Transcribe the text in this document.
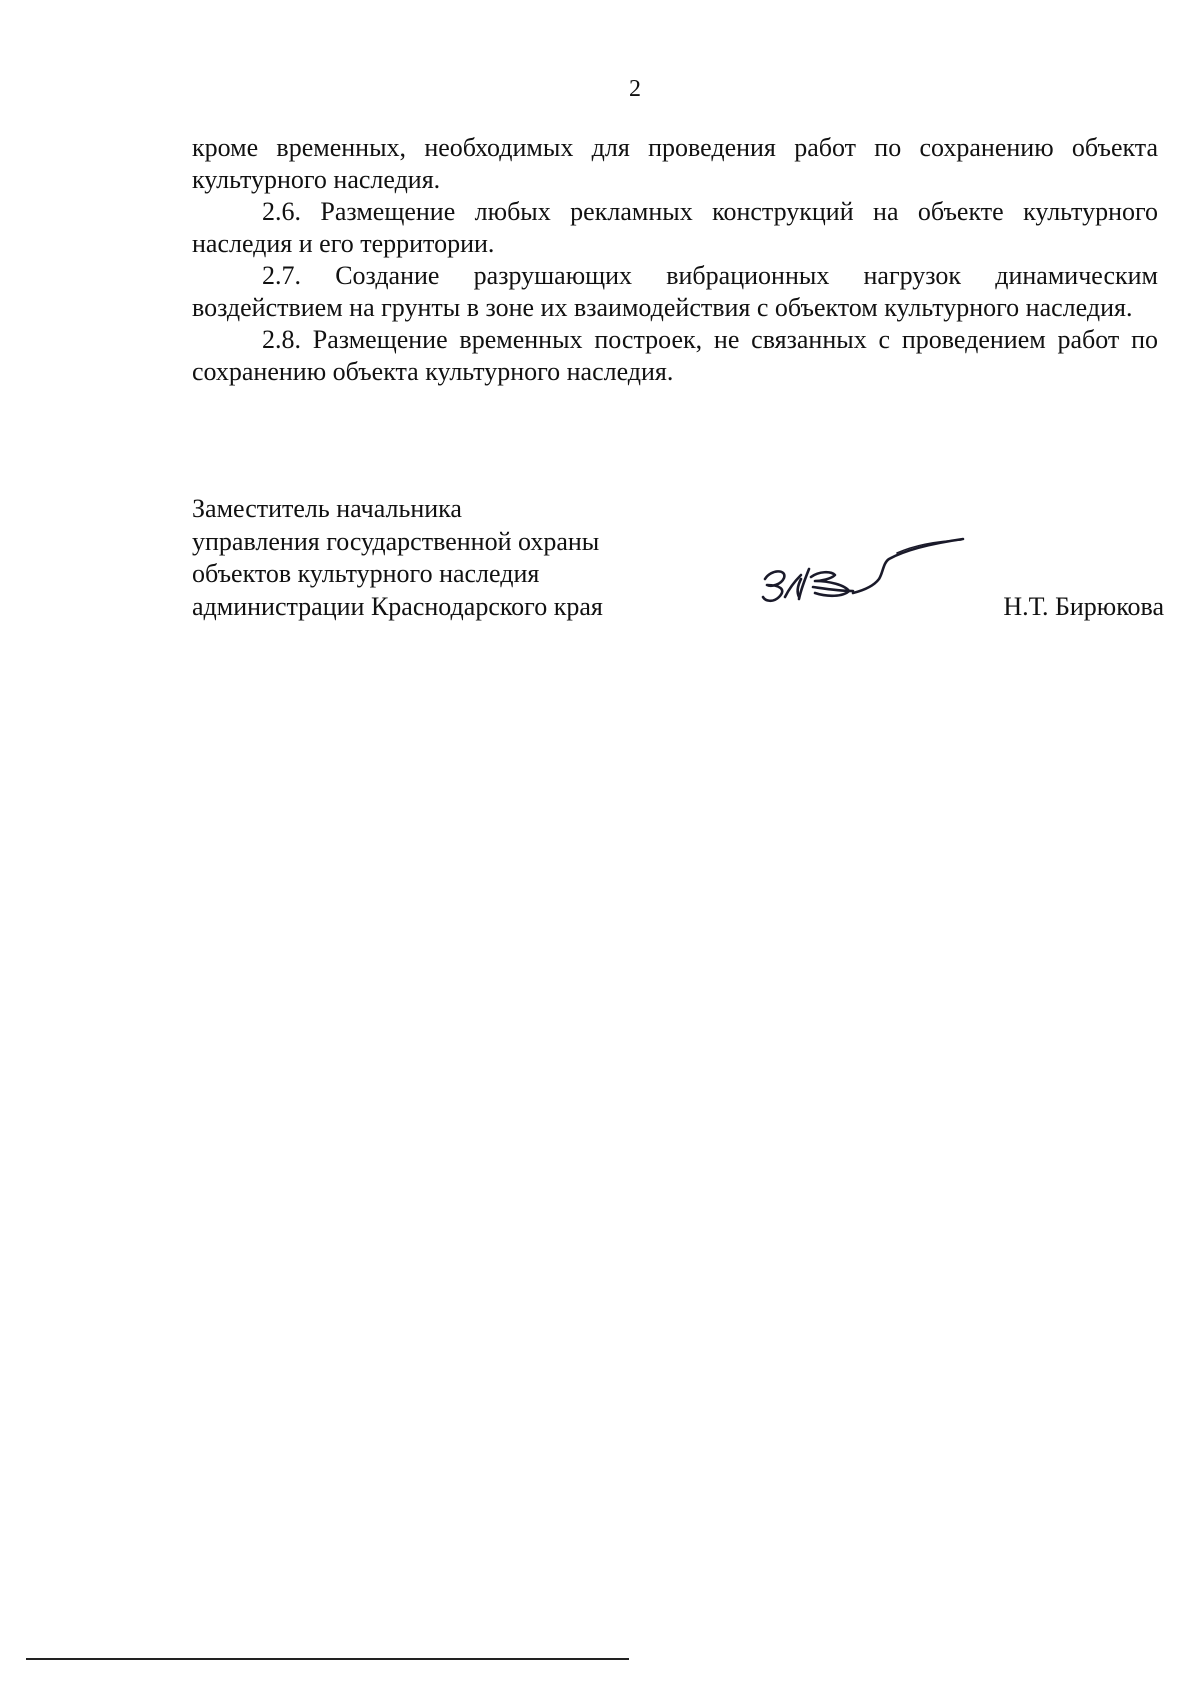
2

кроме временных, необходимых для проведения работ по сохранению объекта культурного наследия.

2.6. Размещение любых рекламных конструкций на объекте культурного наследия и его территории.

2.7. Создание разрушающих вибрационных нагрузок динамическим воздействием на грунты в зоне их взаимодействия с объектом культурного наследия.

2.8. Размещение временных построек, не связанных с проведением работ по сохранению объекта культурного наследия.

Заместитель начальника
управления государственной охраны
объектов культурного наследия
администрации Краснодарского края	Н.Т. Бирюкова
